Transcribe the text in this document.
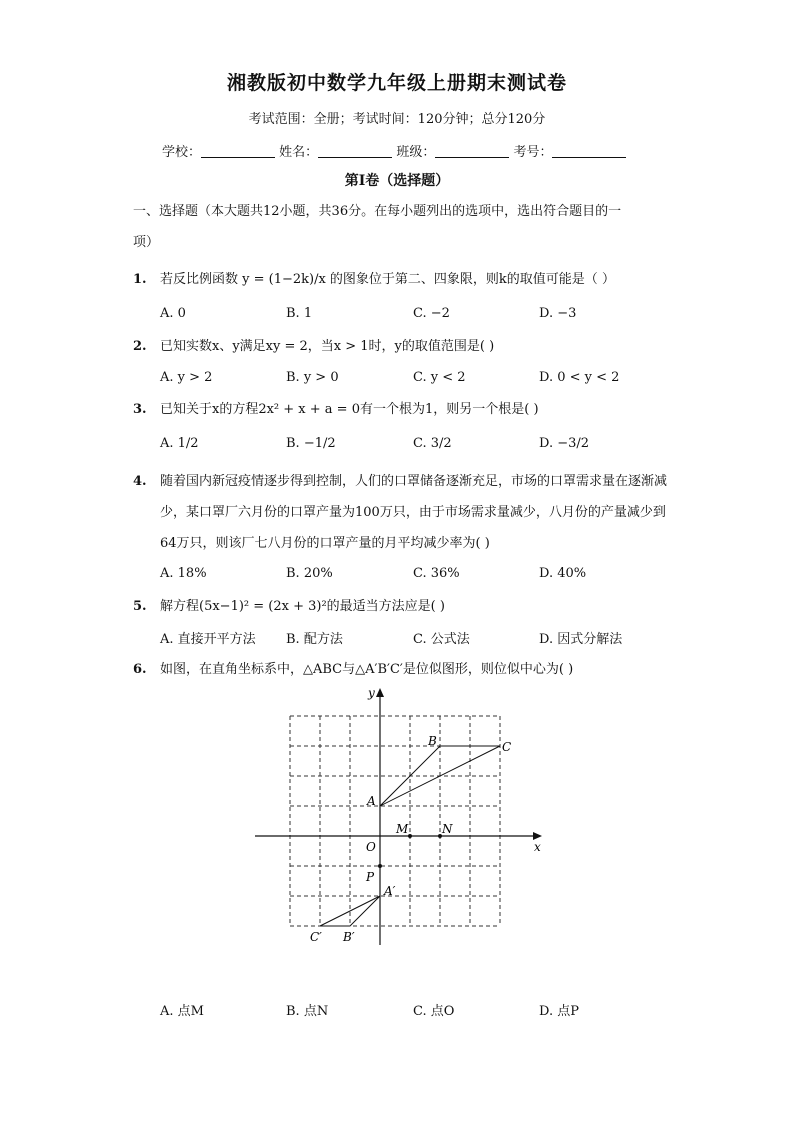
湘教版初中数学九年级上册期末测试卷
考试范围：全册；考试时间：120分钟；总分120分
学校：	姓名：	班级：	考号：
第Ⅰ卷（选择题）
一、选择题（本大题共12小题，共36分。在每小题列出的选项中，选出符合题目的一
项）
1.	若反比例函数 y = (1−2k)/x 的图象位于第二、四象限，则k的取值可能是（ ）
A. 0	B. 1	C. −2	D. −3
2.	已知实数x、y满足xy = 2，当x > 1时，y的取值范围是( )
A. y > 2	B. y > 0	C. y < 2	D. 0 < y < 2
3.	已知关于x的方程2x² + x + a = 0有一个根为1，则另一个根是( )
A. 1/2	B. −1/2	C. 3/2	D. −3/2
4.	随着国内新冠疫情逐步得到控制，人们的口罩储备逐渐充足，市场的口罩需求量在逐渐减少，某口罩厂六月份的口罩产量为100万只，由于市场需求量减少，八月份的产量减少到64万只，则该厂七八月份的口罩产量的月平均减少率为( )
A. 18%	B. 20%	C. 36%	D. 40%
5.	解方程(5x−1)² = (2x + 3)²的最适当方法应是( )
A. 直接开平方法 B. 配方法	C. 公式法	D. 因式分解法
6.	如图，在直角坐标系中，△ABC与△A′B′C′是位似图形，则位似中心为( )
x
y
O
A
B	C
M	N
P
A′
B′
C′
A. 点M	B. 点N	C. 点O	D. 点P
